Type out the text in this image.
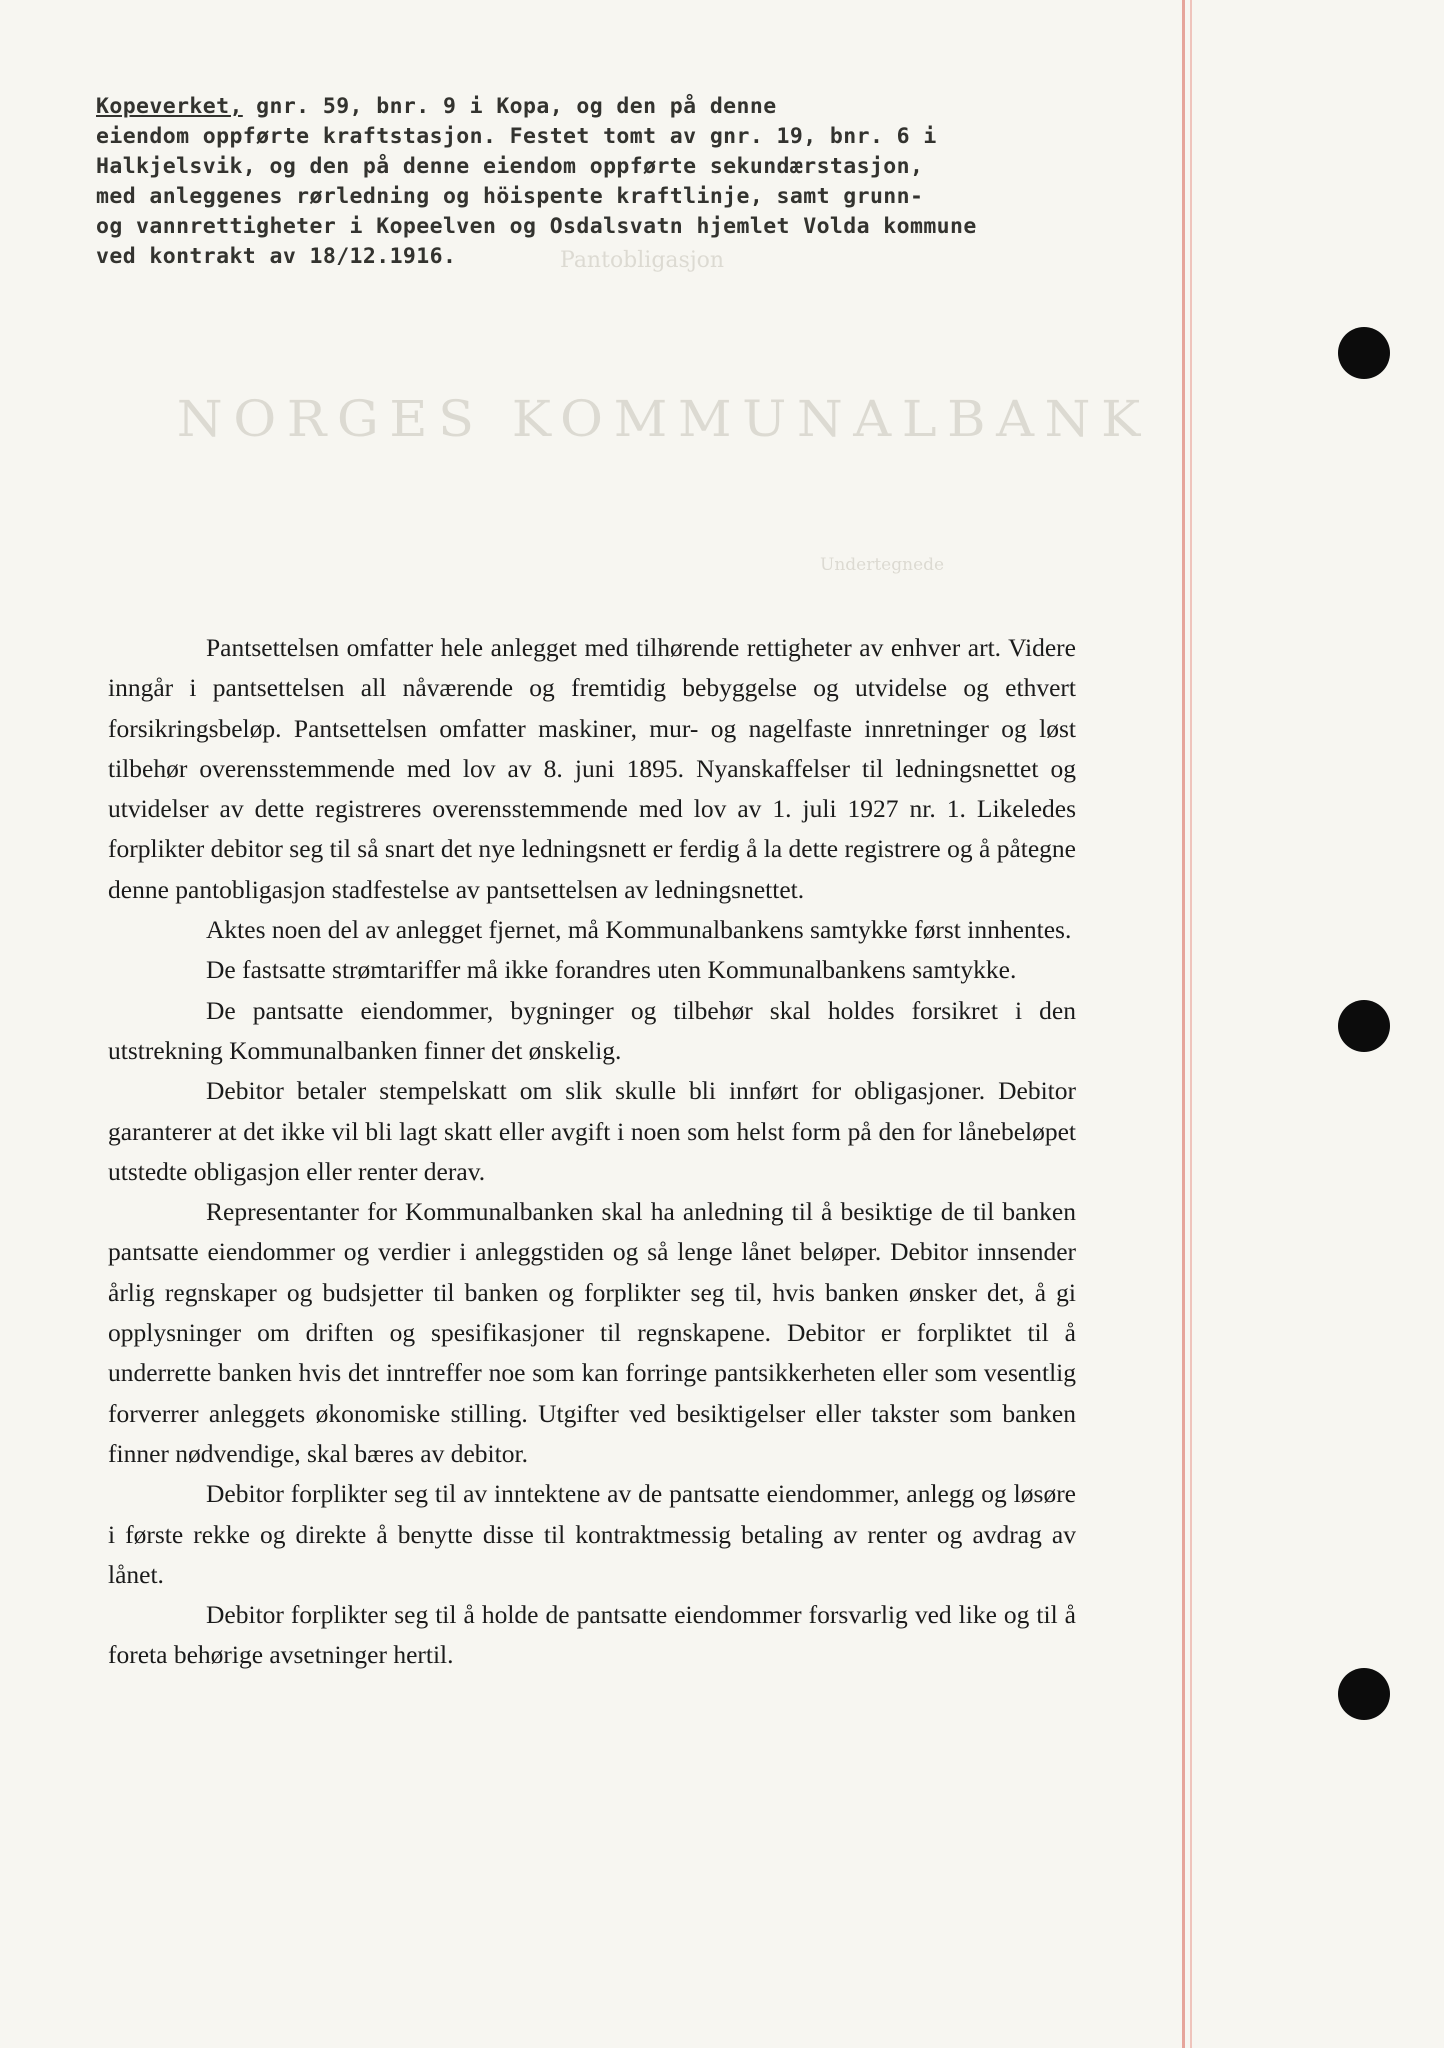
Pantobligasjon
NORGES KOMMUNALBANK
Undertegnede
Kopeverket, gnr. 59, bnr. 9 i Kopa, og den på denne
eiendom oppførte kraftstasjon. Festet tomt av gnr. 19, bnr. 6 i
Halkjelsvik, og den på denne eiendom oppførte sekundærstasjon,
med anleggenes rørledning og höispente kraftlinje, samt grunn-
og vannrettigheter i Kopeelven og Osdalsvatn hjemlet Volda kommune
ved kontrakt av 18/12.1916.

Pantsettelsen omfatter hele anlegget med tilhørende rettigheter av enhver art. Videre inngår i pantsettelsen all nåværende og fremtidig bebyggelse og utvidelse og ethvert forsikringsbeløp. Pantsettelsen omfatter maskiner, mur- og nagelfaste innretninger og løst tilbehør overensstemmende med lov av 8. juni 1895. Nyanskaffelser til ledningsnettet og utvidelser av dette registreres overensstemmende med lov av 1. juli 1927 nr. 1. Likeledes forplikter debitor seg til så snart det nye ledningsnett er ferdig å la dette registrere og å påtegne denne pantobligasjon stadfestelse av pantsettelsen av ledningsnettet.

Aktes noen del av anlegget fjernet, må Kommunalbankens samtykke først innhentes.

De fastsatte strømtariffer må ikke forandres uten Kommunalbankens samtykke.

De pantsatte eiendommer, bygninger og tilbehør skal holdes forsikret i den utstrekning Kommunalbanken finner det ønskelig.

Debitor betaler stempelskatt om slik skulle bli innført for obligasjoner. Debitor garanterer at det ikke vil bli lagt skatt eller avgift i noen som helst form på den for lånebeløpet utstedte obligasjon eller renter derav.

Representanter for Kommunalbanken skal ha anledning til å besiktige de til banken pantsatte eiendommer og verdier i anleggstiden og så lenge lånet beløper. Debitor innsender årlig regnskaper og budsjetter til banken og forplikter seg til, hvis banken ønsker det, å gi opplysninger om driften og spesifikasjoner til regnskapene. Debitor er forpliktet til å underrette banken hvis det inntreffer noe som kan forringe pantsikkerheten eller som vesentlig forverrer anleggets økonomiske stilling. Utgifter ved besiktigelser eller takster som banken finner nødvendige, skal bæres av debitor.

Debitor forplikter seg til av inntektene av de pantsatte eiendommer, anlegg og løsøre i første rekke og direkte å benytte disse til kontraktmessig betaling av renter og avdrag av lånet.

Debitor forplikter seg til å holde de pantsatte eiendommer forsvarlig ved like og til å foreta behørige avsetninger hertil.
